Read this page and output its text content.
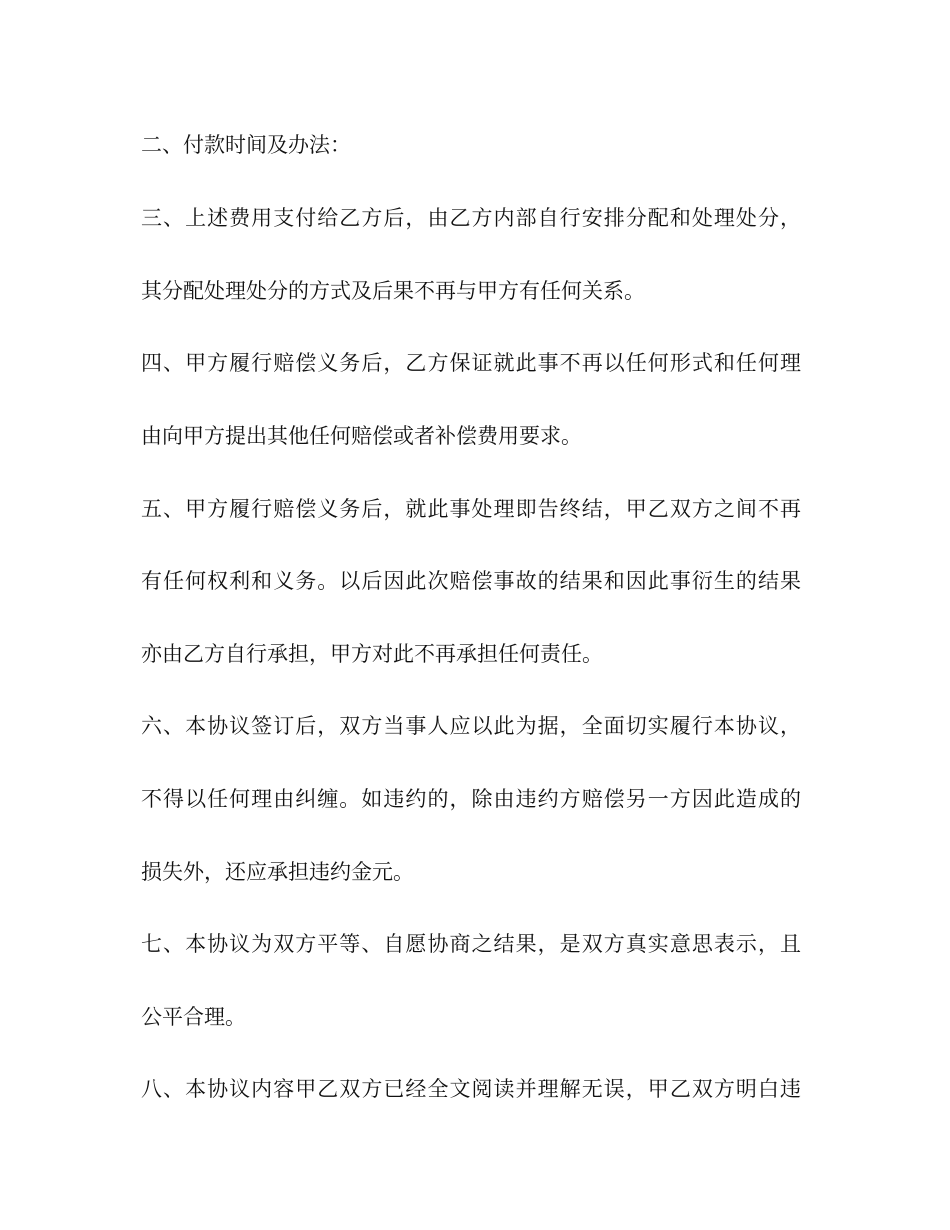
二、付款时间及办法：
三、上述费用支付给乙方后，由乙方内部自行安排分配和处理处分，
其分配处理处分的方式及后果不再与甲方有任何关系。
四、甲方履行赔偿义务后，乙方保证就此事不再以任何形式和任何理
由向甲方提出其他任何赔偿或者补偿费用要求。
五、甲方履行赔偿义务后，就此事处理即告终结，甲乙双方之间不再
有任何权利和义务。以后因此次赔偿事故的结果和因此事衍生的结果
亦由乙方自行承担，甲方对此不再承担任何责任。
六、本协议签订后，双方当事人应以此为据，全面切实履行本协议，
不得以任何理由纠缠。如违约的，除由违约方赔偿另一方因此造成的
损失外，还应承担违约金元。
七、本协议为双方平等、自愿协商之结果，是双方真实意思表示，且
公平合理。
八、本协议内容甲乙双方已经全文阅读并理解无误，甲乙双方明白违
